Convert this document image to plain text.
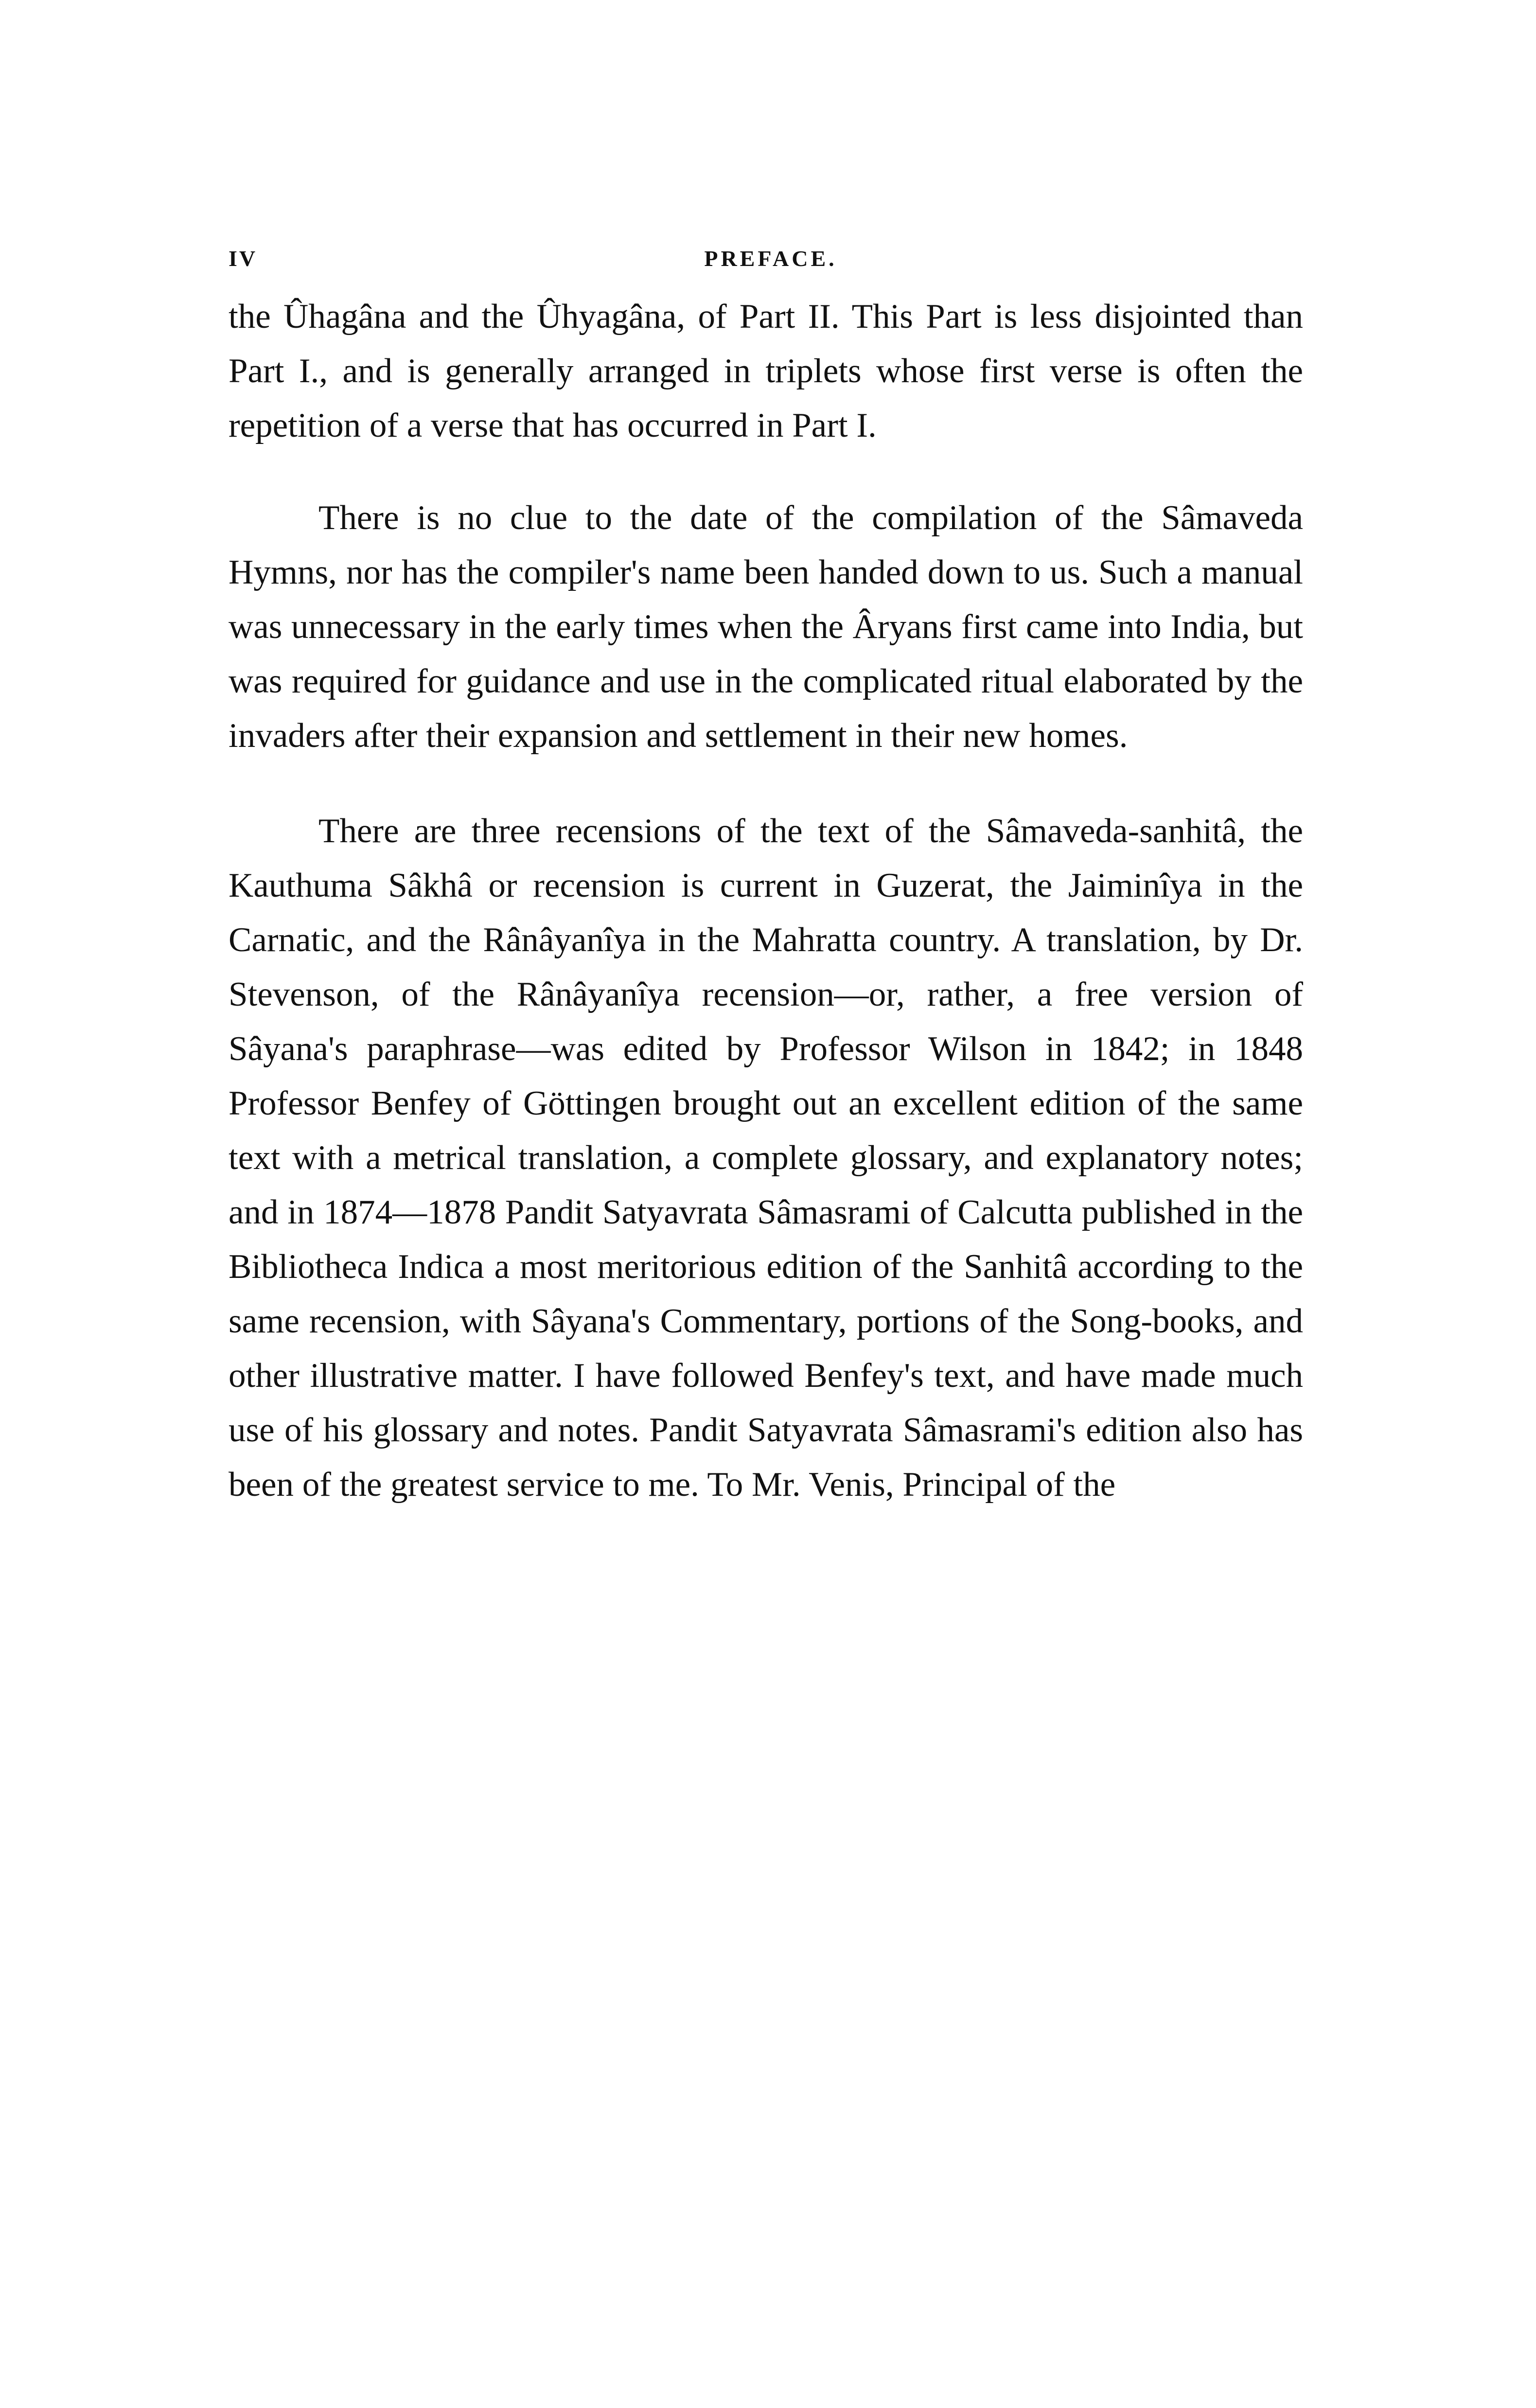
IV	PREFACE.

the Ûhagâna and the Ûhyagâna, of Part II. This Part is less disjointed than Part I., and is generally arranged in triplets whose first verse is often the repetition of a verse that has occurred in Part I.

There is no clue to the date of the compilation of the Sâmaveda Hymns, nor has the compiler's name been handed down to us. Such a manual was unnecessary in the early times when the Âryans first came into India, but was required for guidance and use in the complicated ritual elaborated by the invaders after their expansion and settlement in their new homes.

There are three recensions of the text of the Sâmaveda-sanhitâ, the Kauthuma Sâkhâ or recension is current in Guzerat, the Jaiminîya in the Carnatic, and the Rânâyanîya in the Mahratta country. A translation, by Dr. Stevenson, of the Rânâyanîya recension—or, rather, a free version of Sâyana's paraphrase—was edited by Professor Wilson in 1842; in 1848 Professor Benfey of Göttingen brought out an excellent edition of the same text with a metrical translation, a complete glossary, and explanatory notes; and in 1874—1878 Pandit Satyavrata Sâmasrami of Calcutta published in the Bibliotheca Indica a most meritorious edition of the Sanhitâ according to the same recension, with Sâyana's Commentary, portions of the Song-books, and other illustrative matter. I have followed Benfey's text, and have made much use of his glossary and notes. Pandit Satyavrata Sâmasrami's edition also has been of the greatest service to me. To Mr. Venis, Principal of the
